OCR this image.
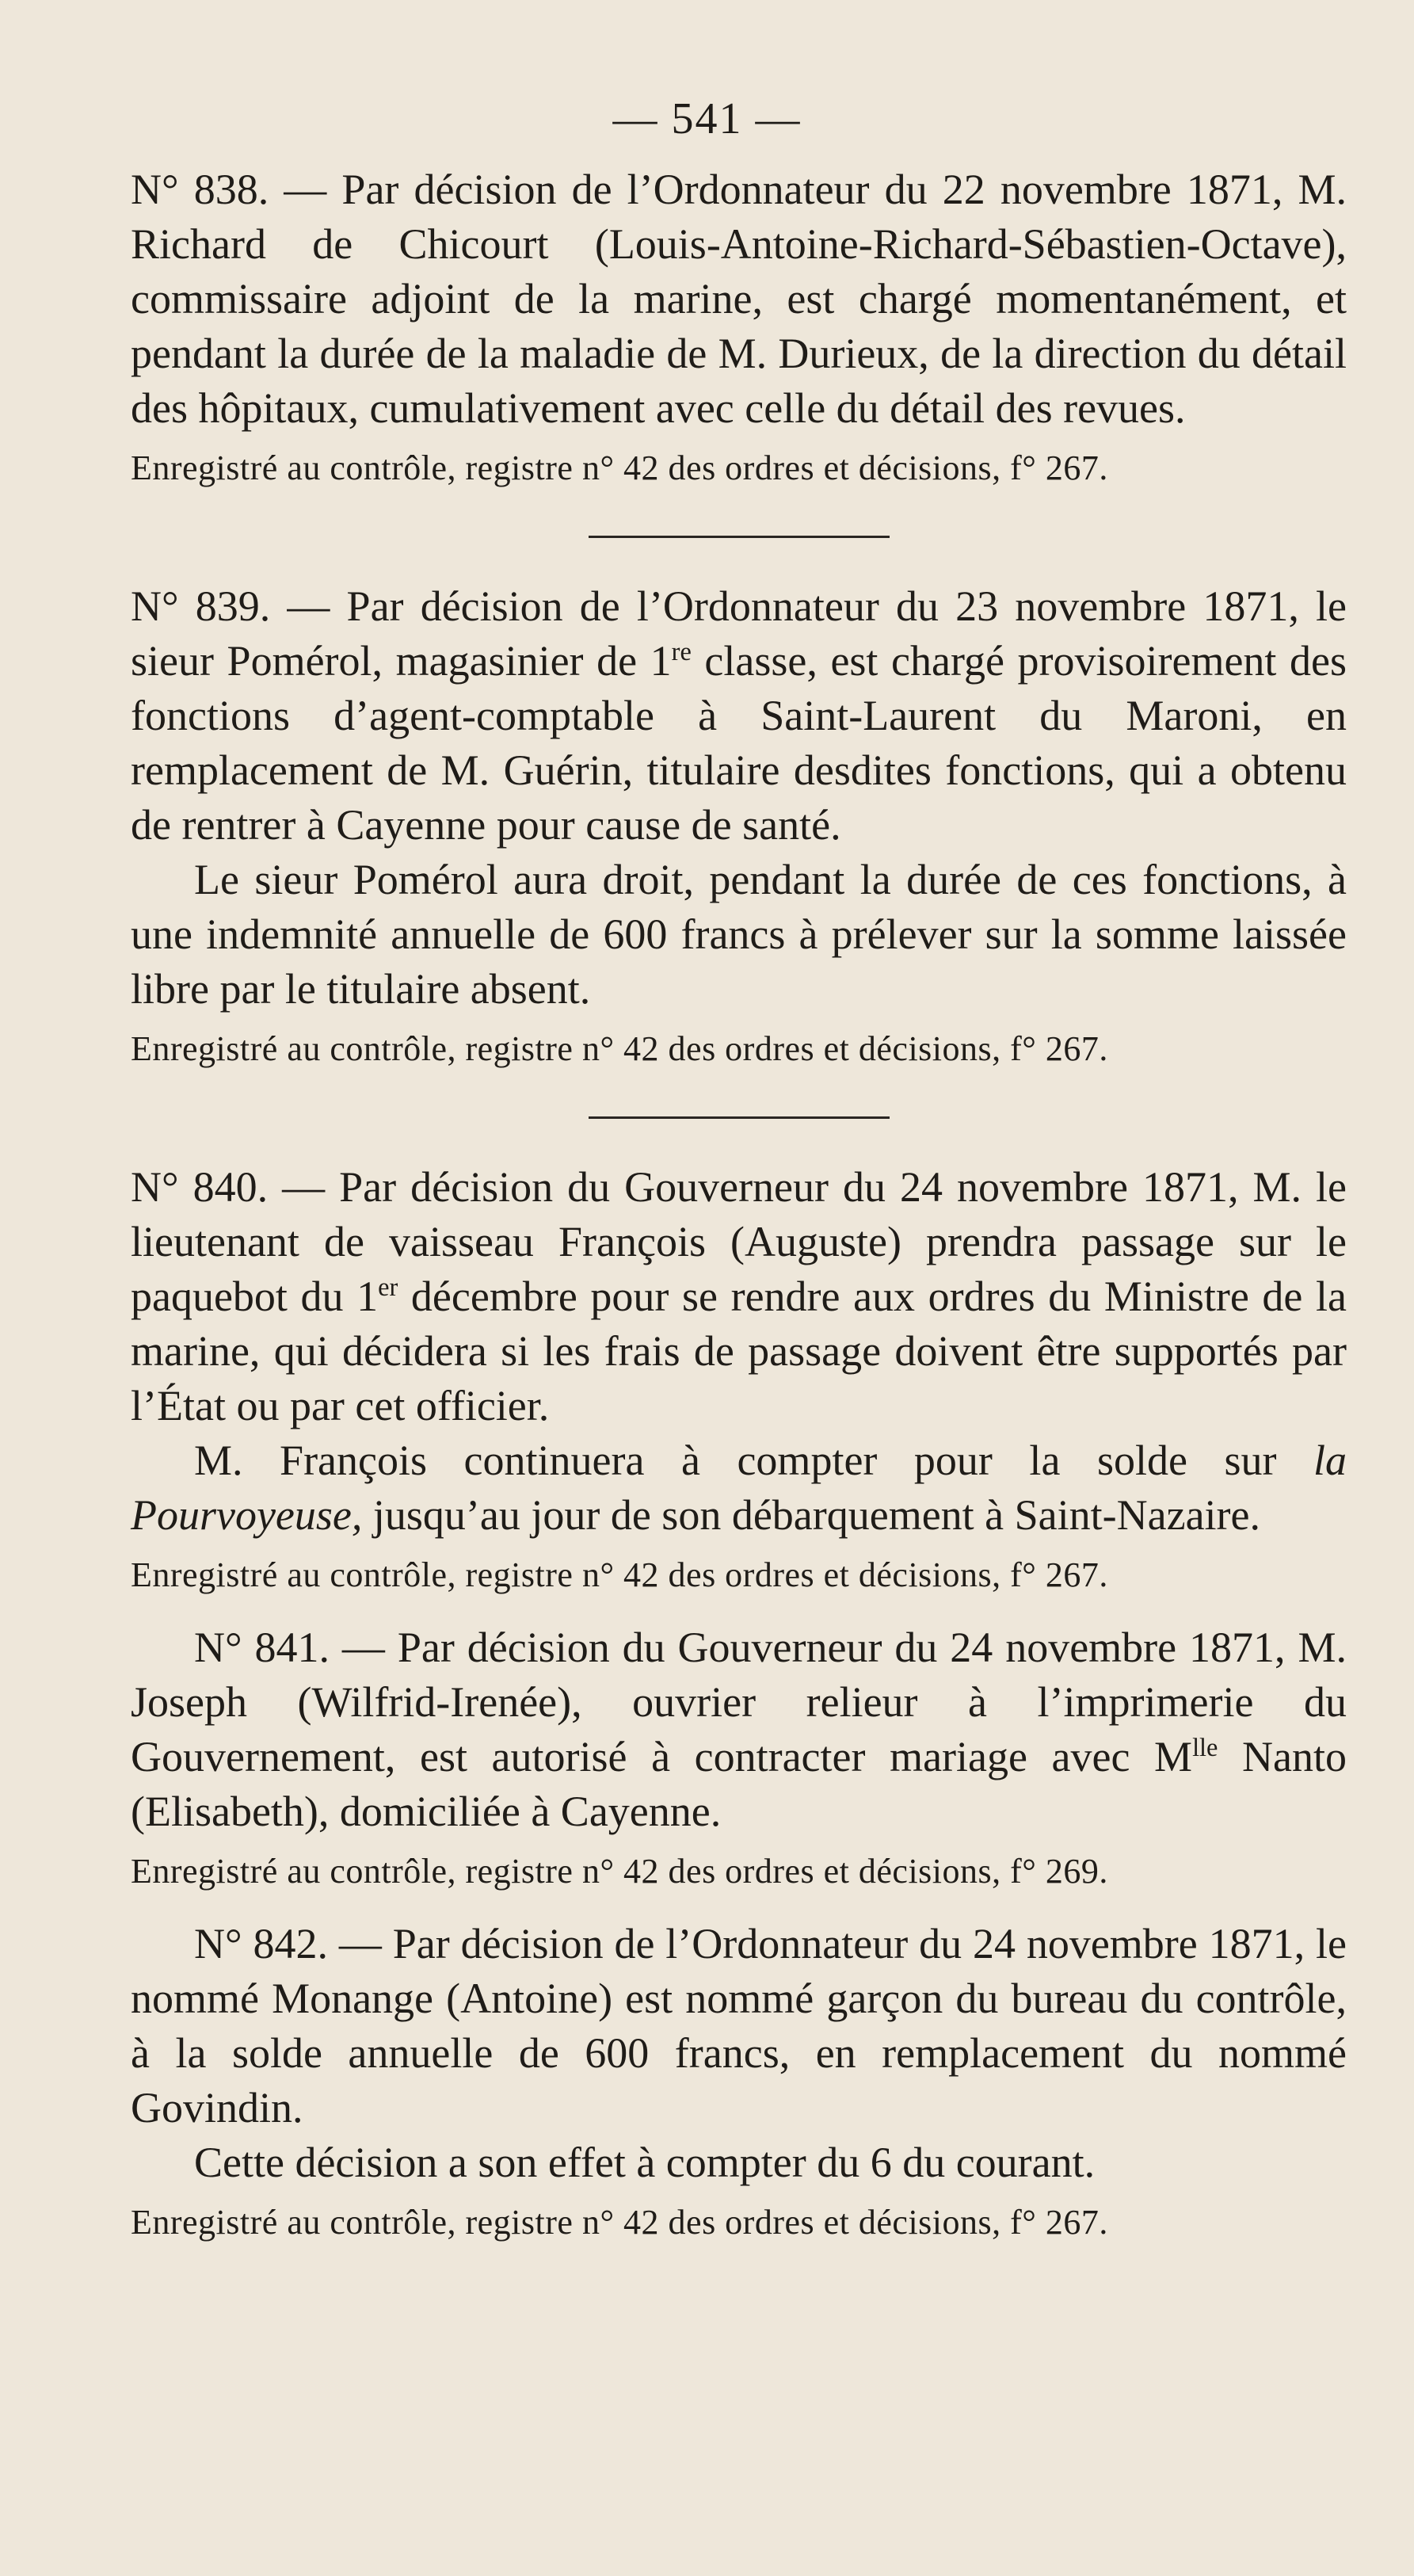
— 541 —

N° 838. — Par décision de l’Ordonnateur du 22 novembre 1871, M. Richard de Chicourt (Louis-Antoine-Richard-Sébastien-Octave), commissaire adjoint de la marine, est chargé momentanément, et pendant la durée de la maladie de M. Durieux, de la direction du détail des hôpitaux, cumulativement avec celle du détail des revues.

Enregistré au contrôle, registre n° 42 des ordres et décisions, f° 267.

N° 839. — Par décision de l’Ordonnateur du 23 novembre 1871, le sieur Pomérol, magasinier de 1re classe, est chargé provisoirement des fonctions d’agent-comptable à Saint-Laurent du Maroni, en remplacement de M. Guérin, titulaire desdites fonctions, qui a obtenu de rentrer à Cayenne pour cause de santé.

Le sieur Pomérol aura droit, pendant la durée de ces fonctions, à une indemnité annuelle de 600 francs à prélever sur la somme laissée libre par le titulaire absent.

Enregistré au contrôle, registre n° 42 des ordres et décisions, f° 267.

N° 840. — Par décision du Gouverneur du 24 novembre 1871, M. le lieutenant de vaisseau François (Auguste) prendra passage sur le paquebot du 1er décembre pour se rendre aux ordres du Ministre de la marine, qui décidera si les frais de passage doivent être supportés par l’État ou par cet officier.

M. François continuera à compter pour la solde sur la Pourvoyeuse, jusqu’au jour de son débarquement à Saint-Nazaire.

Enregistré au contrôle, registre n° 42 des ordres et décisions, f° 267.

N° 841. — Par décision du Gouverneur du 24 novembre 1871, M. Joseph (Wilfrid-Irenée), ouvrier relieur à l’imprimerie du Gouvernement, est autorisé à contracter mariage avec $M^{lle}$ Nanto (Elisabeth), domiciliée à Cayenne.

Enregistré au contrôle, registre n° 42 des ordres et décisions, f° 269.

N° 842. — Par décision de l’Ordonnateur du 24 novembre 1871, le nommé Monange (Antoine) est nommé garçon du bureau du contrôle, à la solde annuelle de 600 francs, en remplacement du nommé Govindin.

Cette décision a son effet à compter du 6 du courant.

Enregistré au contrôle, registre n° 42 des ordres et décisions, f° 267.
